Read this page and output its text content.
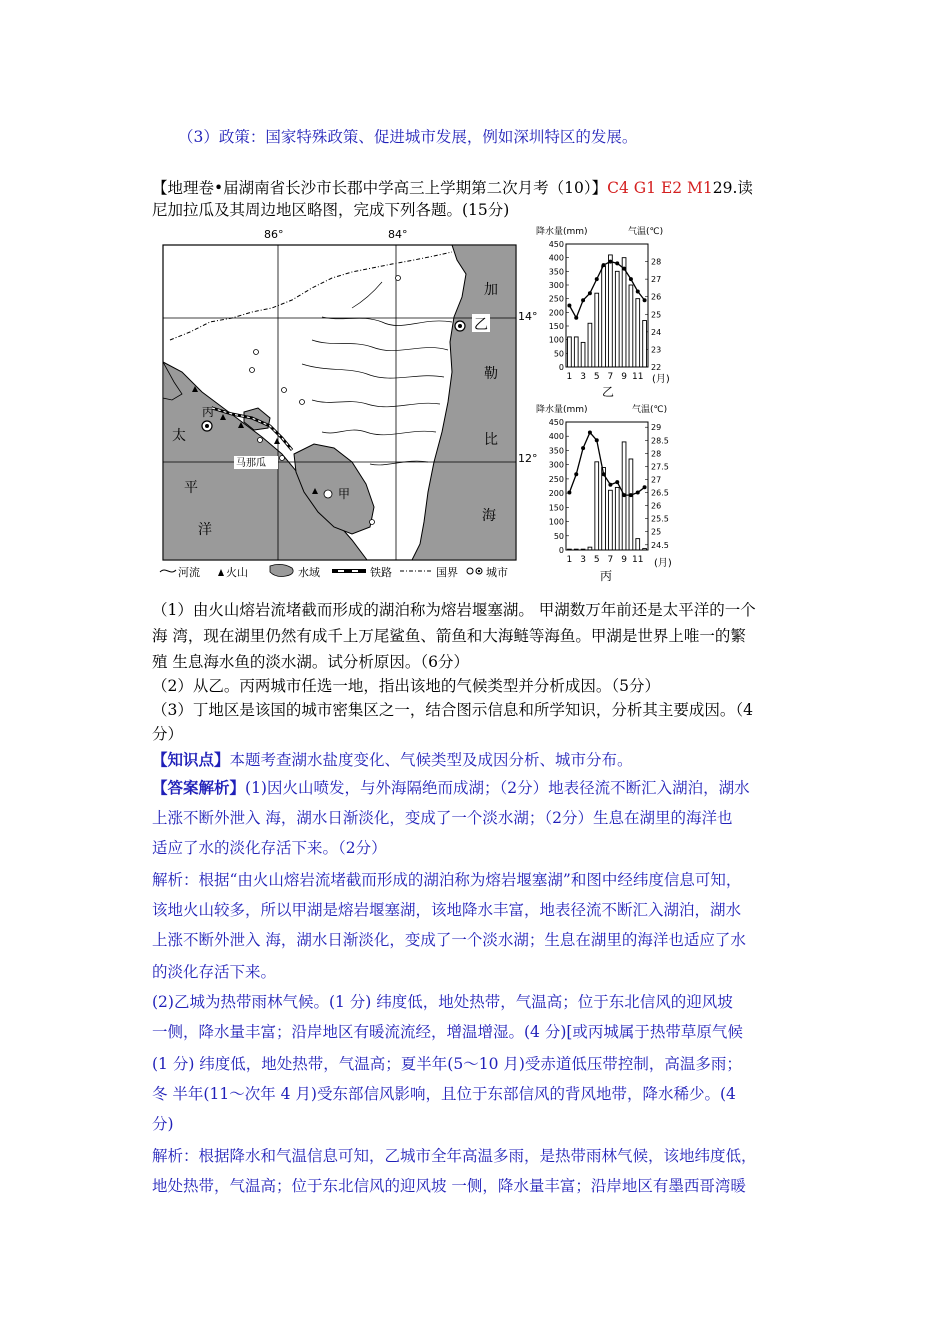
（3）政策：国家特殊政策、促进城市发展，例如深圳特区的发展。
【地理卷•届湖南省长沙市长郡中学高三上学期第二次月考（10）】C4 G1 E2 M129.读
尼加拉瓜及其周边地区略图，完成下列各题。(15分)
86°	84°
14°
12°
加
勒
比
海
太
平
洋
乙
丙
甲
马那瓜
河流 火山	水域	铁路	国界	城市
降水量(mm)	气温(℃)
450
400
350
300
250
200
150
100
50
0
28
27
26
25
24
23
22
1 3 5 7 9 11 (月)
乙
降水量(mm)	气温(℃)
450
400
350
300
250
200
150
100
50
0
29
28.5
28
27.5
27
26.5
26
25.5
25
24.5
1 3 5 7 9 11 (月)
丙
（1）由火山熔岩流堵截而形成的湖泊称为熔岩堰塞湖。 甲湖数万年前还是太平洋的一个
海 湾，现在湖里仍然有成千上万尾鲨鱼、箭鱼和大海鲢等海鱼。甲湖是世界上唯一的繁
殖 生息海水鱼的淡水湖。试分析原因。（6分）
（2）从乙。丙两城市任选一地，指出该地的气候类型并分析成因。（5分）
（3）丁地区是该国的城市密集区之一，结合图示信息和所学知识，分析其主要成因。（4
分）
【知识点】本题考查湖水盐度变化、气候类型及成因分析、城市分布。
【答案解析】(1)因火山喷发，与外海隔绝而成湖；（2分）地表径流不断汇入湖泊，湖水
上涨不断外泄入 海，湖水日渐淡化，变成了一个淡水湖；（2分）生息在湖里的海洋也
适应了水的淡化存活下来。（2分）
解析：根据“由火山熔岩流堵截而形成的湖泊称为熔岩堰塞湖”和图中经纬度信息可知，
该地火山较多，所以甲湖是熔岩堰塞湖，该地降水丰富，地表径流不断汇入湖泊，湖水
上涨不断外泄入 海，湖水日渐淡化，变成了一个淡水湖；生息在湖里的海洋也适应了水
的淡化存活下来。
(2)乙城为热带雨林气候。(1 分) 纬度低，地处热带，气温高；位于东北信风的迎风坡
一侧，降水量丰富；沿岸地区有暖流流经，增温增湿。(4 分)[或丙城属于热带草原气候
(1 分) 纬度低，地处热带，气温高；夏半年(5～10 月)受赤道低压带控制，高温多雨；
冬 半年(11～次年 4 月)受东部信风影响，且位于东部信风的背风地带，降水稀少。(4
分)
解析：根据降水和气温信息可知，乙城市全年高温多雨，是热带雨林气候，该地纬度低，
地处热带，气温高；位于东北信风的迎风坡 一侧，降水量丰富；沿岸地区有墨西哥湾暖
